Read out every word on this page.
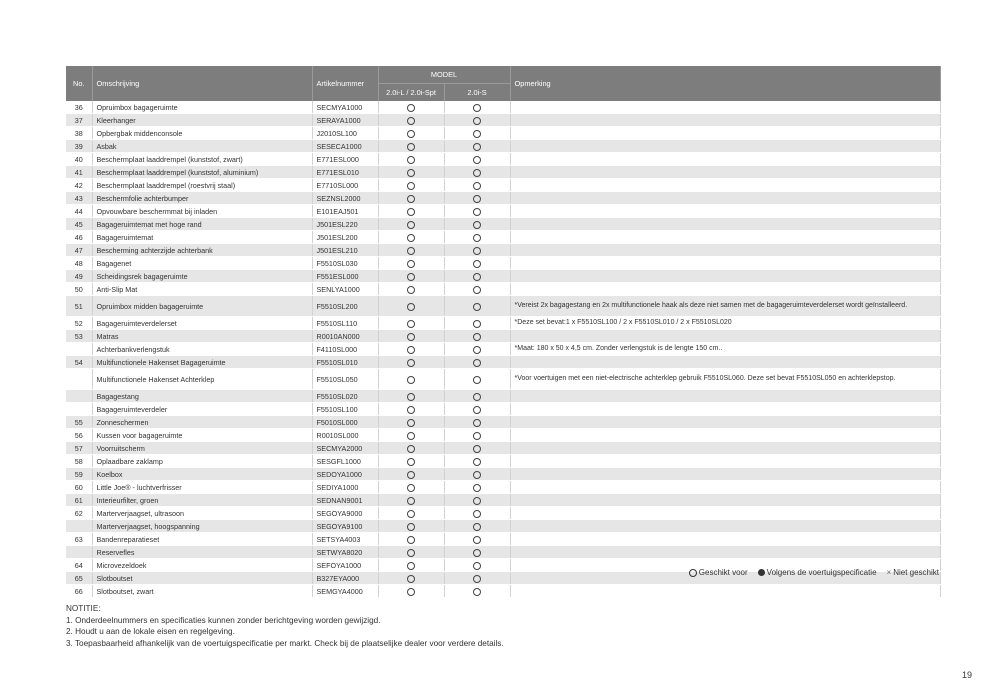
No.	Omschrijving	Artikelnummer	MODEL		Opmerking
			2.0i-L / 2.0i-Spt	2.0i-S	
36	Opruimbox bagageruimte	SECMYA1000			
37	Kleerhanger	SERAYA1000			
38	Opbergbak middenconsole	J2010SL100			
39	Asbak	SESECA1000			
40	Beschermplaat laaddrempel (kunststof, zwart)	E771ESL000			
41	Beschermplaat laaddrempel (kunststof, aluminium)	E771ESL010			
42	Beschermplaat laaddrempel (roestvrij staal)	E7710SL000			
43	Beschermfolie achterbumper	SEZNSL2000			
44	Opvouwbare beschermmat bij inladen	E101EAJ501			
45	Bagageruimtemat met hoge rand	J501ESL220			
46	Bagageruimtemat	J501ESL200			
47	Bescherming achterzijde achterbank	J501ESL210			
48	Bagagenet	F5510SL030			
49	Scheidingsrek bagageruimte	F551ESL000			
50	Anti-Slip Mat	SENLYA1000			
51	Opruimbox midden bagageruimte	F5510SL200			*Vereist 2x bagagestang en 2x multifunctionele haak als deze niet samen met de bagageruimteverdelerset wordt geïnstalleerd.
52	Bagageruimteverdelerset	F5510SL110			*Deze set bevat:1 x F5510SL100 / 2 x F5510SL010 / 2 x F5510SL020
53	Matras	R0010AN000			
	Achterbankverlengstuk	F4110SL000			*Maat: 180 x 50 x 4,5 cm. Zonder verlengstuk is de lengte 150 cm..
54	Multifunctionele Hakenset Bagageruimte	F5510SL010			
	Multifunctionele Hakenset Achterklep	F5510SL050			*Voor voertuigen met een niet-electrische achterklep gebruik F5510SL060. Deze set bevat F5510SL050 en achterklepstop.
	Bagagestang	F5510SL020			
	Bagageruimteverdeler	F5510SL100			
55	Zonneschermen	F5010SL000			
56	Kussen voor bagageruimte	R0010SL000			
57	Voorruitscherm	SECMYA2000			
58	Oplaadbare zaklamp	SESGFL1000			
59	Koelbox	SEDOYA1000			
60	Little Joe® - luchtverfrisser	SEDIYA1000			
61	Interieurfilter, groen	SEDNAN9001			
62	Marterverjaagset, ultrasoon	SEGOYA9000			
	Marterverjaagset, hoogspanning	SEGOYA9100			
63	Bandenreparatieset	SETSYA4003			
	Reservefles	SETWYA8020			
64	Microvezeldoek	SEFOYA1000			
65	Slotboutset	B327EYA000			
66	Slotboutset, zwart	SEMGYA4000			
Geschikt voor Volgens de voertuigspecificatie × Niet geschikt
NOTITIE:
1. Onderdeelnummers en specificaties kunnen zonder berichtgeving worden gewijzigd.
2. Houdt u aan de lokale eisen en regelgeving.
3. Toepasbaarheid afhankelijk van de voertuigspecificatie per markt. Check bij de plaatselijke dealer voor verdere details.
19
